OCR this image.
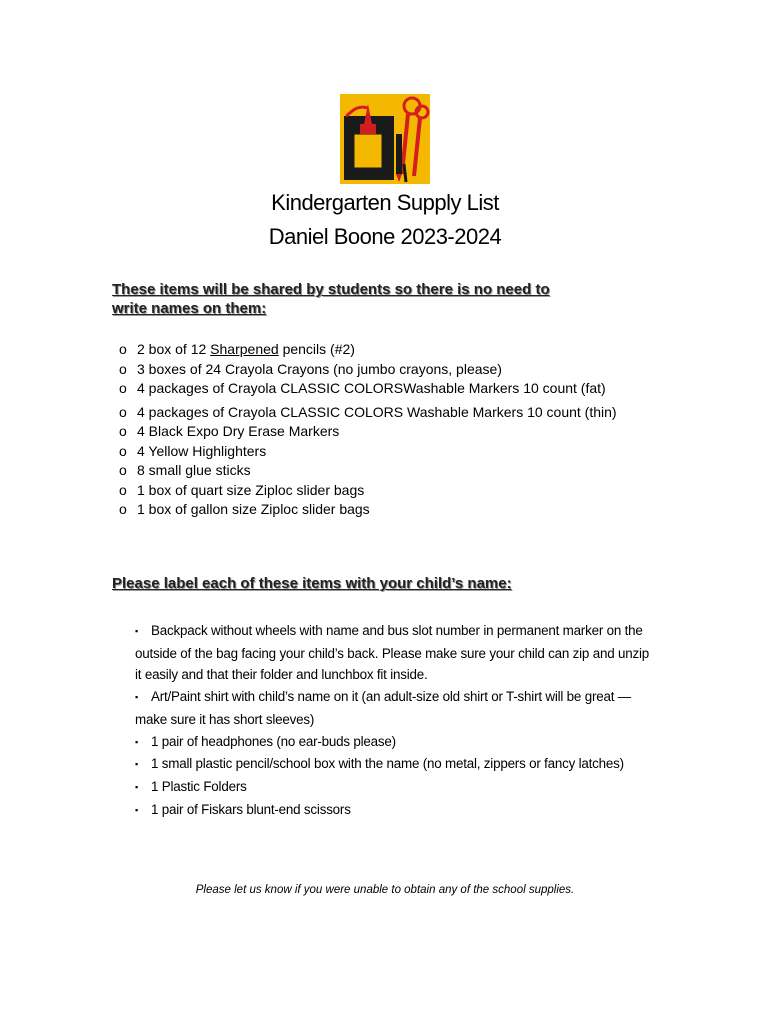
Kindergarten Supply List
Daniel Boone 2023-2024
These items will be shared by students so there is no need to
write names on them:
o 2 box of 12 Sharpened pencils (#2)
o 3 boxes of 24 Crayola Crayons (no jumbo crayons, please)
o 4 packages of Crayola CLASSIC COLORSWashable Markers 10 count (fat)
o 4 packages of Crayola CLASSIC COLORS Washable Markers 10 count (thin)
o 4 Black Expo Dry Erase Markers
o 4 Yellow Highlighters
o 8 small glue sticks
o 1 box of quart size Ziploc slider bags
o 1 box of gallon size Ziploc slider bags
Please label each of these items with your child’s name:
▪ Backpack without wheels with name and bus slot number in permanent marker on the
outside of the bag facing your child’s back. Please make sure your child can zip and unzip
it easily and that their folder and lunchbox fit inside.
▪ Art/Paint shirt with child’s name on it (an adult-size old shirt or T-shirt will be great —
make sure it has short sleeves)
▪ 1 pair of headphones (no ear-buds please)
▪ 1 small plastic pencil/school box with the name (no metal, zippers or fancy latches)
▪ 1 Plastic Folders
▪ 1 pair of Fiskars blunt-end scissors
Please let us know if you were unable to obtain any of the school supplies.
